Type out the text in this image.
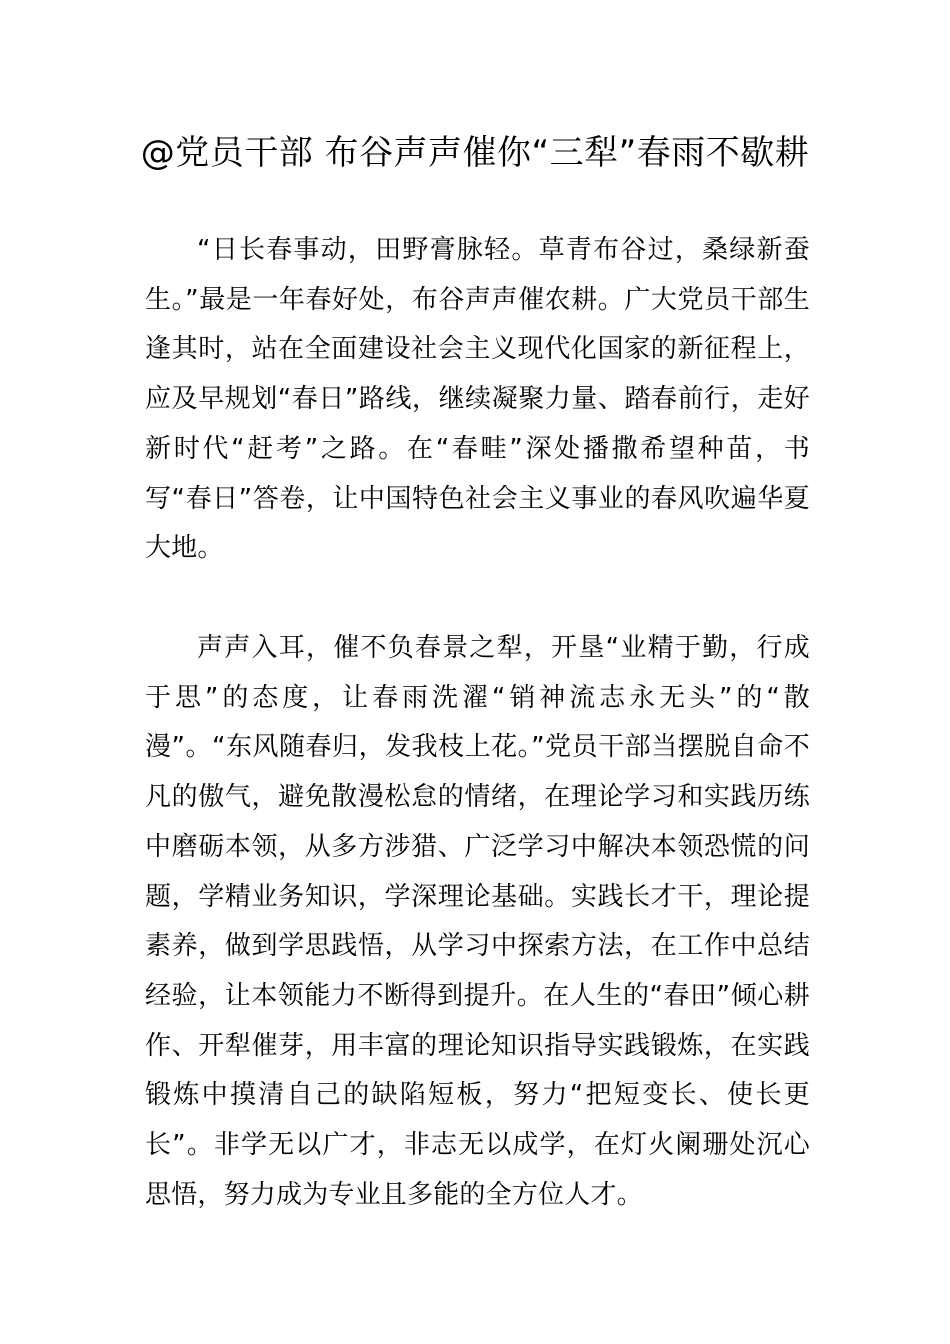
@党员干部 布谷声声催你“三犁”春雨不歇耕

“日长春事动，田野膏脉轻。草青布谷过，桑绿新蚕生。”最是一年春好处，布谷声声催农耕。广大党员干部生逢其时，站在全面建设社会主义现代化国家的新征程上，应及早规划“春日”路线，继续凝聚力量、踏春前行，走好新时代“赶考”之路。在“春畦”深处播撒希望种苗，书写“春日”答卷，让中国特色社会主义事业的春风吹遍华夏大地。

声声入耳，催不负春景之犁，开垦“业精于勤，行成于思”的态度，让春雨洗濯“销神流志永无头”的“散漫”。“东风随春归，发我枝上花。”党员干部当摆脱自命不凡的傲气，避免散漫松怠的情绪，在理论学习和实践历练中磨砺本领，从多方涉猎、广泛学习中解决本领恐慌的问题，学精业务知识，学深理论基础。实践长才干，理论提素养，做到学思践悟，从学习中探索方法，在工作中总结经验，让本领能力不断得到提升。在人生的“春田”倾心耕作、开犁催芽，用丰富的理论知识指导实践锻炼，在实践锻炼中摸清自己的缺陷短板，努力“把短变长、使长更长”。非学无以广才，非志无以成学，在灯火阑珊处沉心思悟，努力成为专业且多能的全方位人才。
